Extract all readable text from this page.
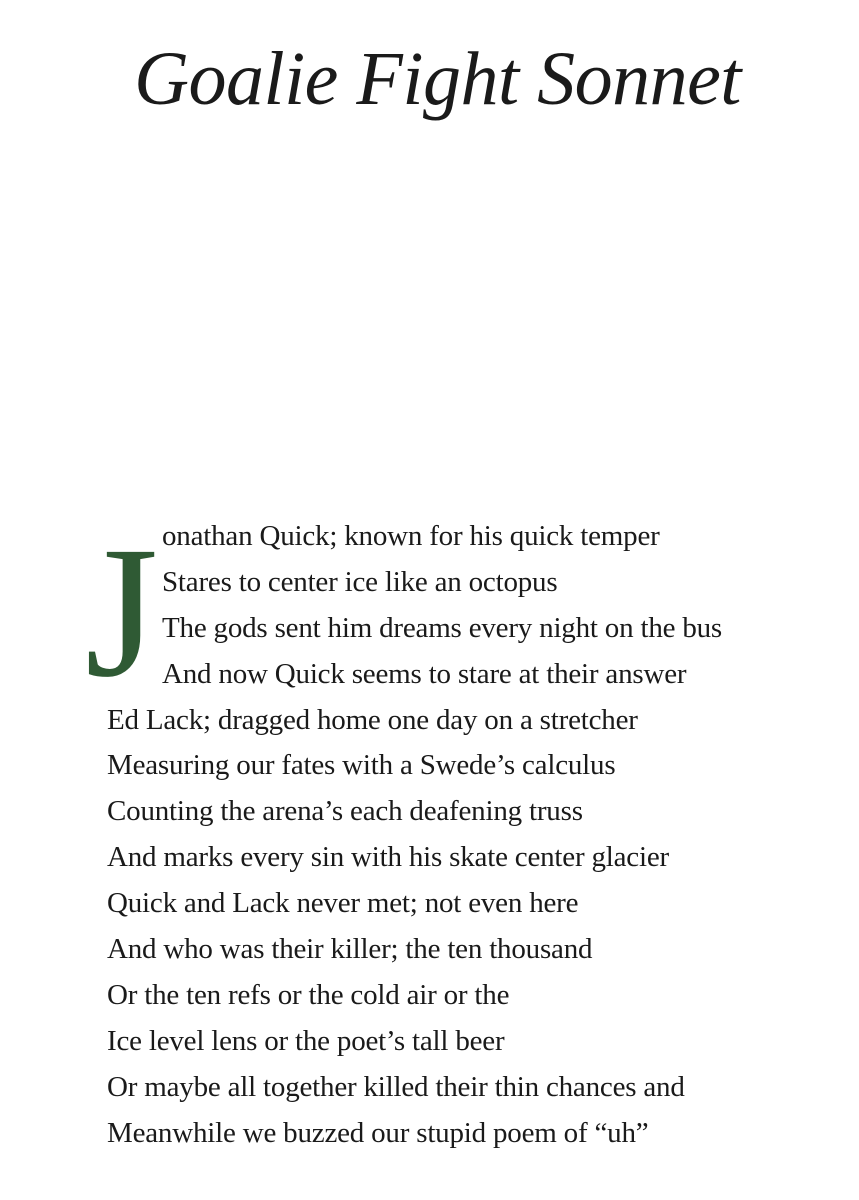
Goalie Fight Sonnet
J onathan Quick; known for his quick temper
Stares to center ice like an octopus
The gods sent him dreams every night on the bus
And now Quick seems to stare at their answer
Ed Lack; dragged home one day on a stretcher
Measuring our fates with a Swede’s calculus
Counting the arena’s each deafening truss
And marks every sin with his skate center glacier
Quick and Lack never met; not even here
And who was their killer; the ten thousand
Or the ten refs or the cold air or the
Ice level lens or the poet’s tall beer
Or maybe all together killed their thin chances and
Meanwhile we buzzed our stupid poem of “uh”
